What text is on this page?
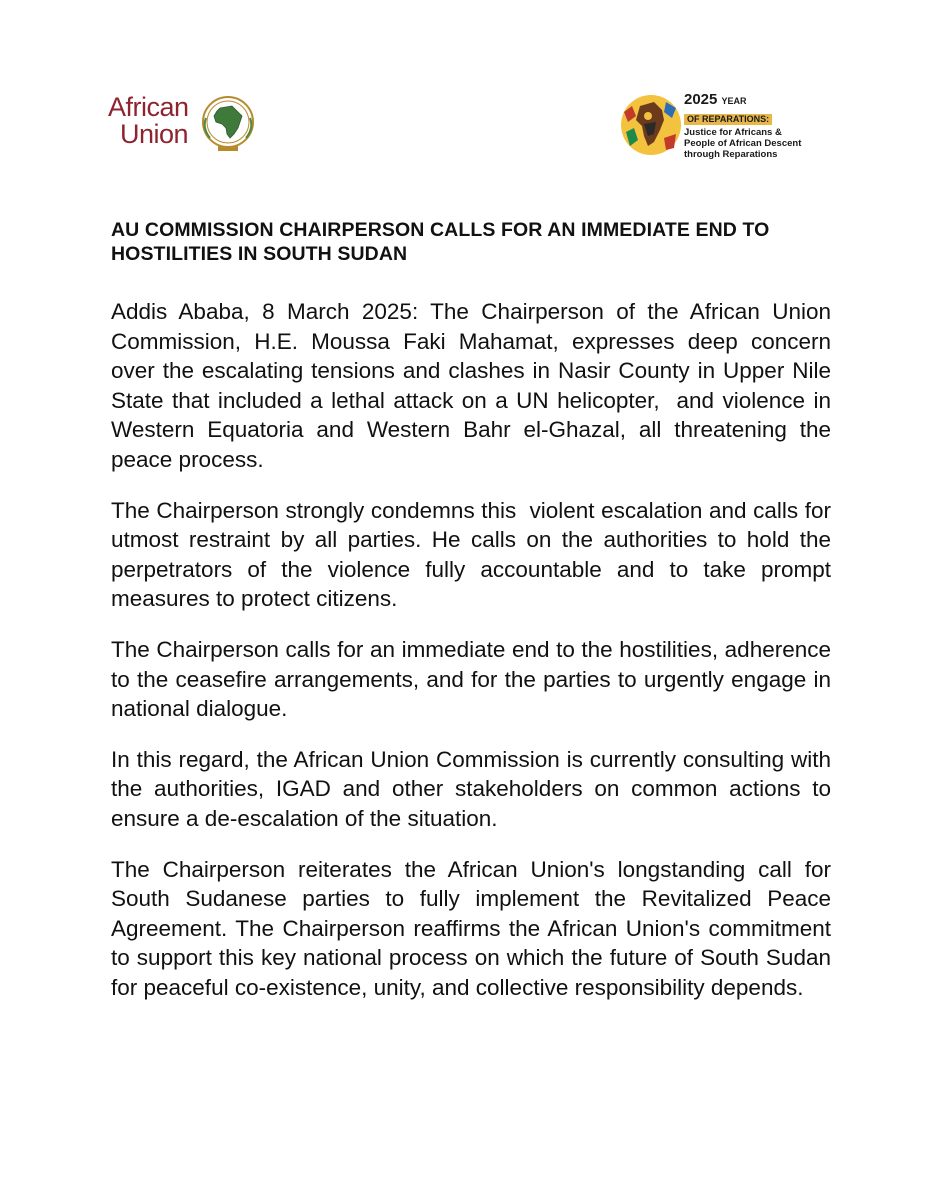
African
Union
2025 YEAR
OF REPARATIONS:
Justice for Africans &
People of African Descent
through Reparations
AU COMMISSION CHAIRPERSON CALLS FOR AN IMMEDIATE END TO HOSTILITIES IN SOUTH SUDAN

Addis Ababa, 8 March 2025: The Chairperson of the African Union Commission, H.E. Moussa Faki Mahamat, expresses deep concern over the escalating tensions and clashes in Nasir County in Upper Nile State that included a lethal attack on a UN helicopter,  and violence in Western Equatoria and Western Bahr el-Ghazal, all threatening the peace process.

The Chairperson strongly condemns this  violent escalation and calls for utmost restraint by all parties. He calls on the authorities to hold the perpetrators of the violence fully accountable and to take prompt measures to protect citizens.

The Chairperson calls for an immediate end to the hostilities, adherence to the ceasefire arrangements, and for the parties to urgently engage in national dialogue.

In this regard, the African Union Commission is currently consulting with the authorities, IGAD and other stakeholders on common actions to ensure a de-escalation of the situation.

The Chairperson reiterates the African Union's longstanding call for South Sudanese parties to fully implement the Revitalized Peace Agreement. The Chairperson reaffirms the African Union's commitment to support this key national process on which the future of South Sudan for peaceful co-existence, unity, and collective responsibility depends.
